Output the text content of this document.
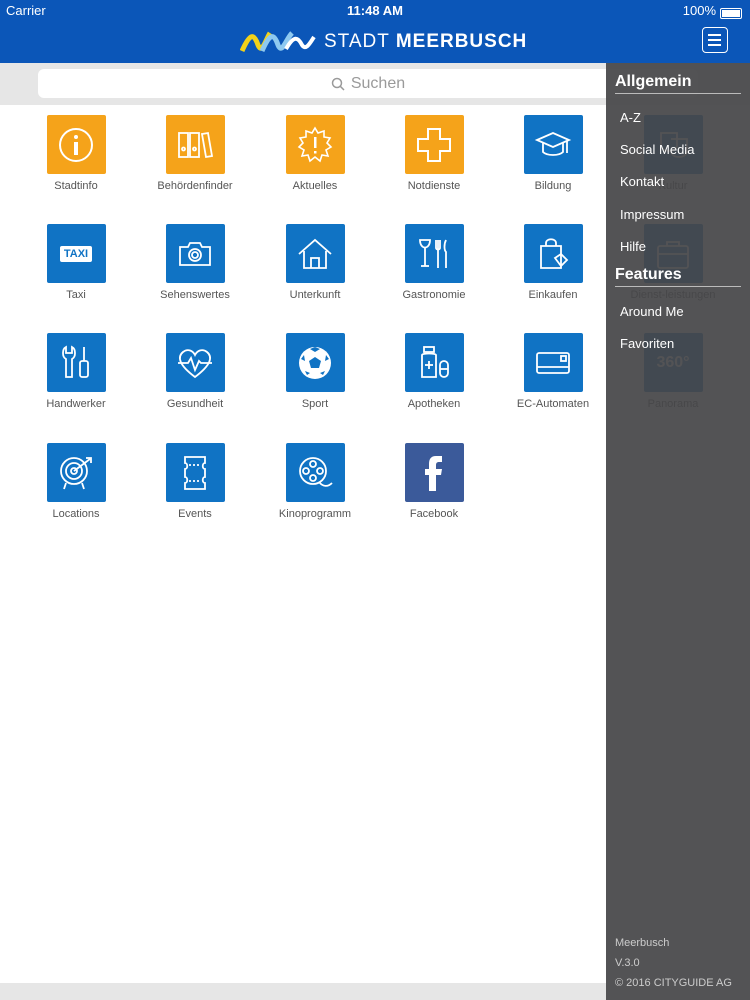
Carrier	11:48 AM	100%
STADT MEERBUSCH
Suchen
Stadtinfo	Behördenfinder	Aktuelles	Notdienste	Bildung
TAXI
Taxi	Sehenswertes	Unterkunft	Gastronomie	Einkaufen
Handwerker	Gesundheit	Sport	Apotheken	EC-Automaten
Locations	Events	Kinoprogramm	Facebook
Allgemein
A-Z
Social Media
Kontakt
Impressum
Hilfe
Features
Around Me
Favoriten
Meerbusch
V.3.0
© 2016 CITYGUIDE AG
